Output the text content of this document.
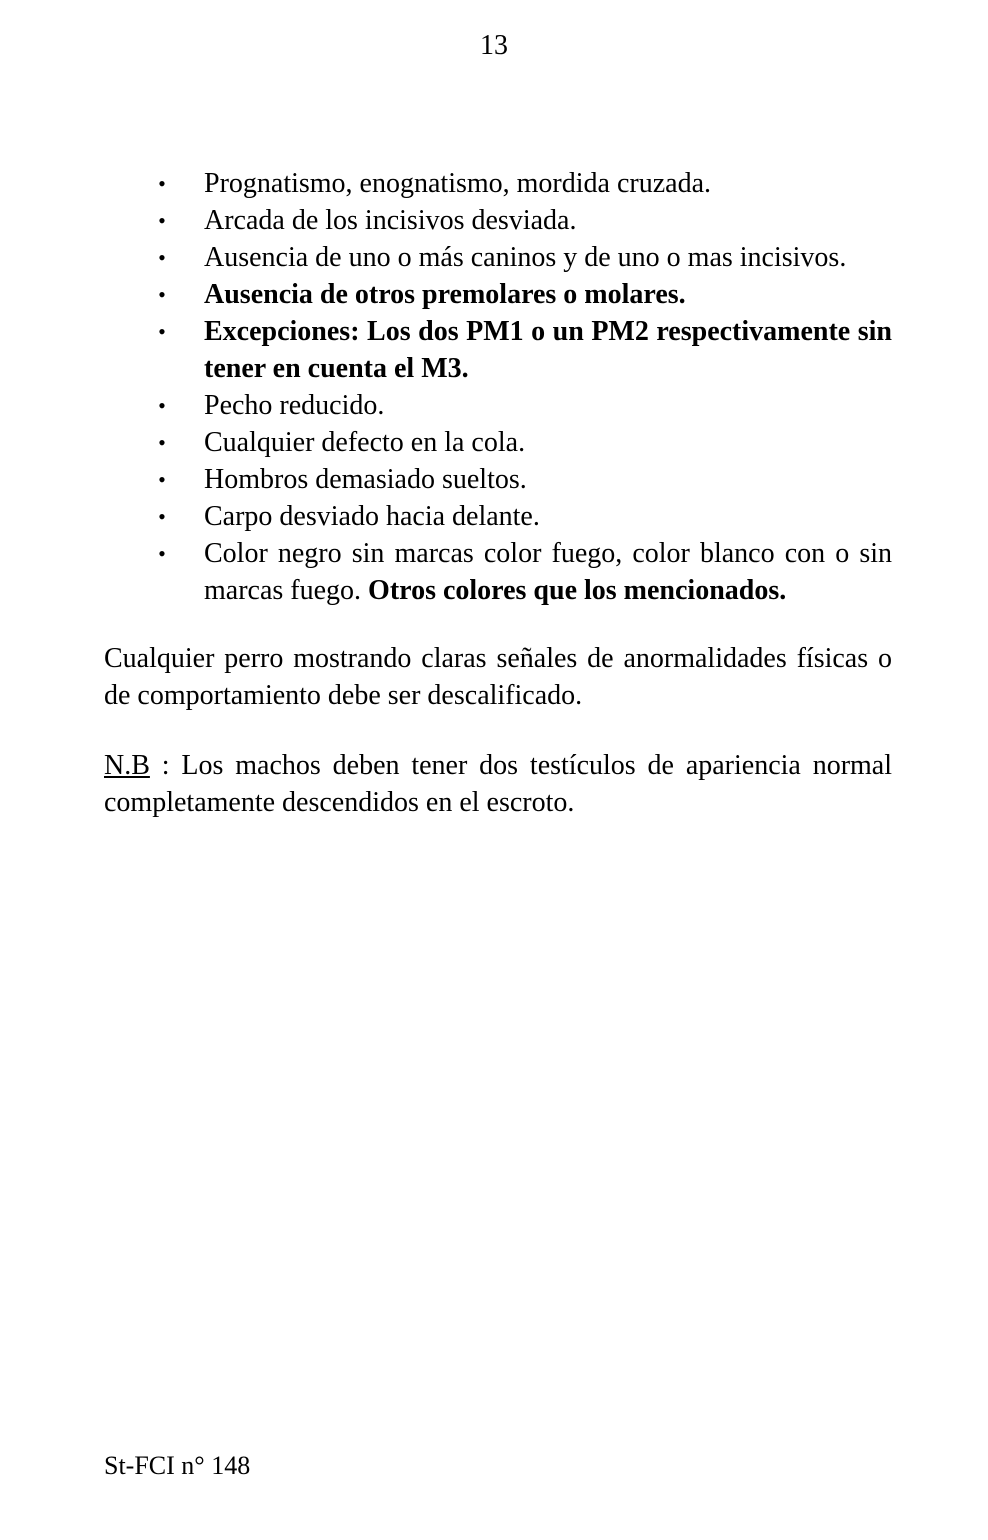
13
• Prognatismo, enognatismo, mordida cruzada.
• Arcada de los incisivos desviada.
• Ausencia de uno o más caninos y de uno o mas incisivos.
• Ausencia de otros premolares o molares.
• Excepciones: Los dos PM1 o un PM2 respectivamente sin tener en cuenta el M3.
• Pecho reducido.
• Cualquier defecto en la cola.
• Hombros demasiado sueltos.
• Carpo desviado hacia delante.
• Color negro sin marcas color fuego, color blanco con o sin marcas fuego. Otros colores que los mencionados.

Cualquier perro mostrando claras señales de anormalidades físicas o de comportamiento debe ser descalificado.

N.B : Los machos deben tener dos testículos de apariencia normal completamente descendidos en el escroto.

St-FCI n° 148
